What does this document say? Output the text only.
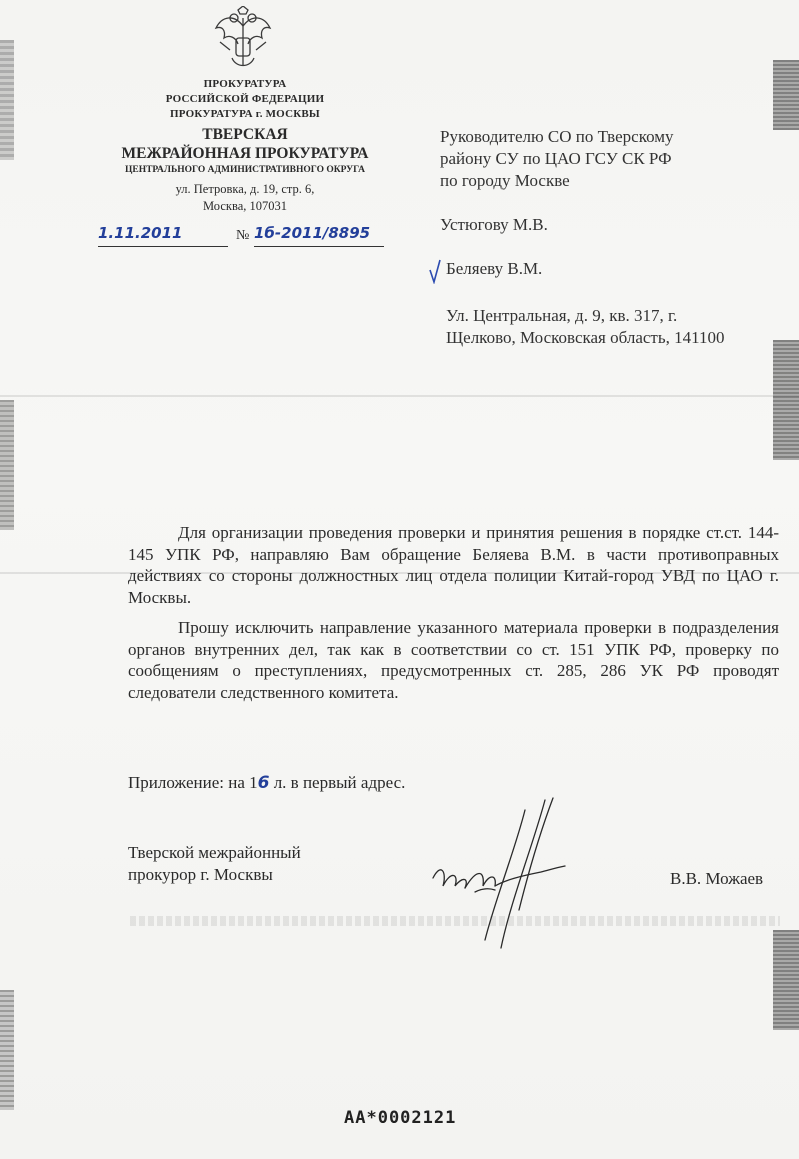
ПРОКУРАТУРА
РОССИЙСКОЙ ФЕДЕРАЦИИ
ПРОКУРАТУРА г. МОСКВЫ
ТВЕРСКАЯ
МЕЖРАЙОННАЯ ПРОКУРАТУРА
ЦЕНТРАЛЬНОГО АДМИНИСТРАТИВНОГО ОКРУГА
ул. Петровка, д. 19, стр. 6,
Москва, 107031
1.11.2011	№ 1б-2011/8895
Руководителю СО по Тверскому
району СУ по ЦАО ГСУ СК РФ
по городу Москве
Устюгову М.В.
Беляеву В.М.
Ул. Центральная, д. 9, кв. 317, г.
Щелково, Московская область, 141100
Для организации проведения проверки и принятия решения в порядке ст.ст. 144-145 УПК РФ, направляю Вам обращение Беляева В.М. в части противоправных действиях со стороны должностных лиц отдела полиции Китай-город УВД по ЦАО г. Москвы.
Прошу исключить направление указанного материала проверки в подразделения органов внутренних дел, так как в соответствии со ст. 151 УПК РФ, проверку по сообщениям о преступлениях, предусмотренных ст. 285, 286 УК РФ проводят следователи следственного комитета.
Приложение: на 16 л. в первый адрес.
Тверской межрайонный
прокурор г. Москвы	В.В. Можаев
АА*0002121
